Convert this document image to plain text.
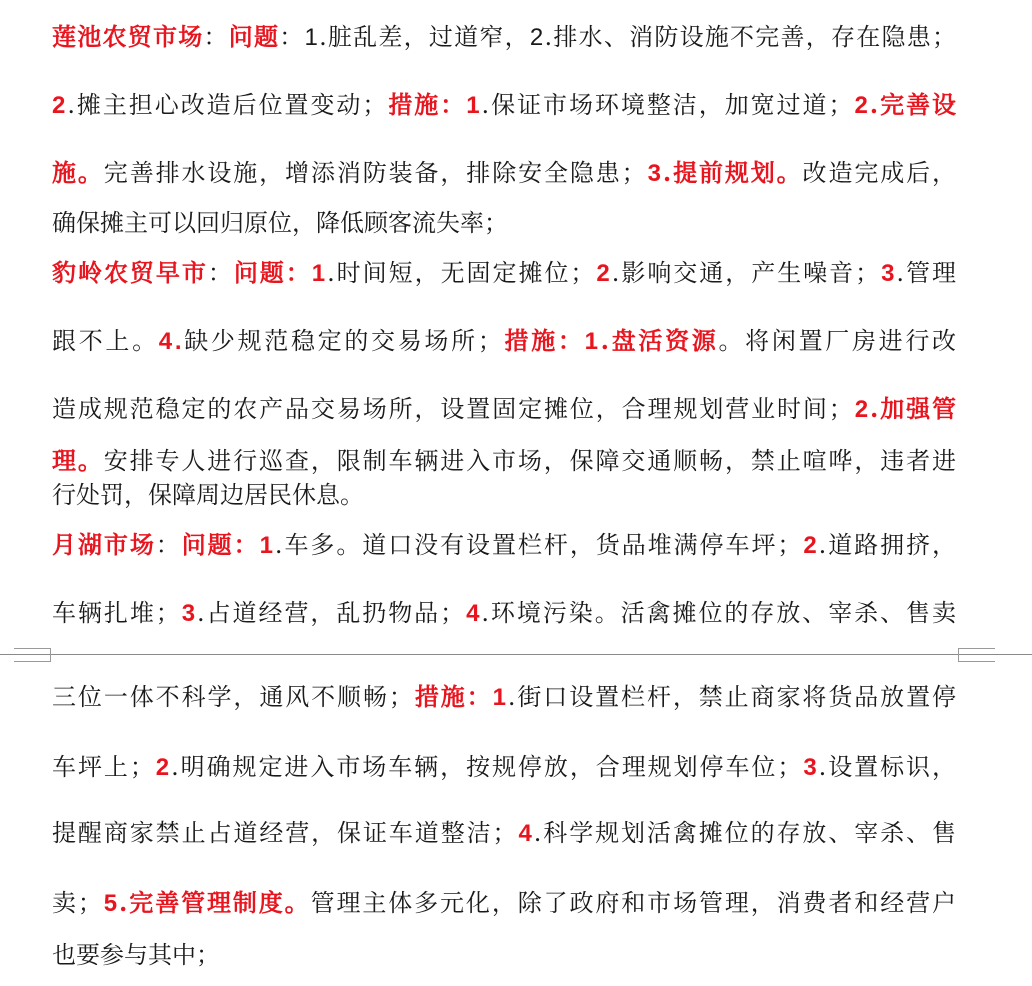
莲池农贸市场：问题：1.脏乱差，过道窄，2.排水、消防设施不完善，存在隐患；
2.摊主担心改造后位置变动；措施：1.保证市场环境整洁，加宽过道；2.完善设
施。完善排水设施，增添消防装备，排除安全隐患；3.提前规划。改造完成后，
确保摊主可以回归原位，降低顾客流失率；
豹岭农贸早市：问题：1.时间短，无固定摊位；2.影响交通，产生噪音；3.管理
跟不上。4.缺少规范稳定的交易场所；措施：1.盘活资源。将闲置厂房进行改
造成规范稳定的农产品交易场所，设置固定摊位，合理规划营业时间；2.加强管
理。安排专人进行巡查，限制车辆进入市场，保障交通顺畅，禁止喧哗，违者进
行处罚，保障周边居民休息。
月湖市场：问题：1.车多。道口没有设置栏杆，货品堆满停车坪；2.道路拥挤，
车辆扎堆；3.占道经营，乱扔物品；4.环境污染。活禽摊位的存放、宰杀、售卖
三位一体不科学，通风不顺畅；措施：1.街口设置栏杆，禁止商家将货品放置停
车坪上；2.明确规定进入市场车辆，按规停放，合理规划停车位；3.设置标识，
提醒商家禁止占道经营，保证车道整洁；4.科学规划活禽摊位的存放、宰杀、售
卖；5.完善管理制度。管理主体多元化，除了政府和市场管理，消费者和经营户
也要参与其中；
